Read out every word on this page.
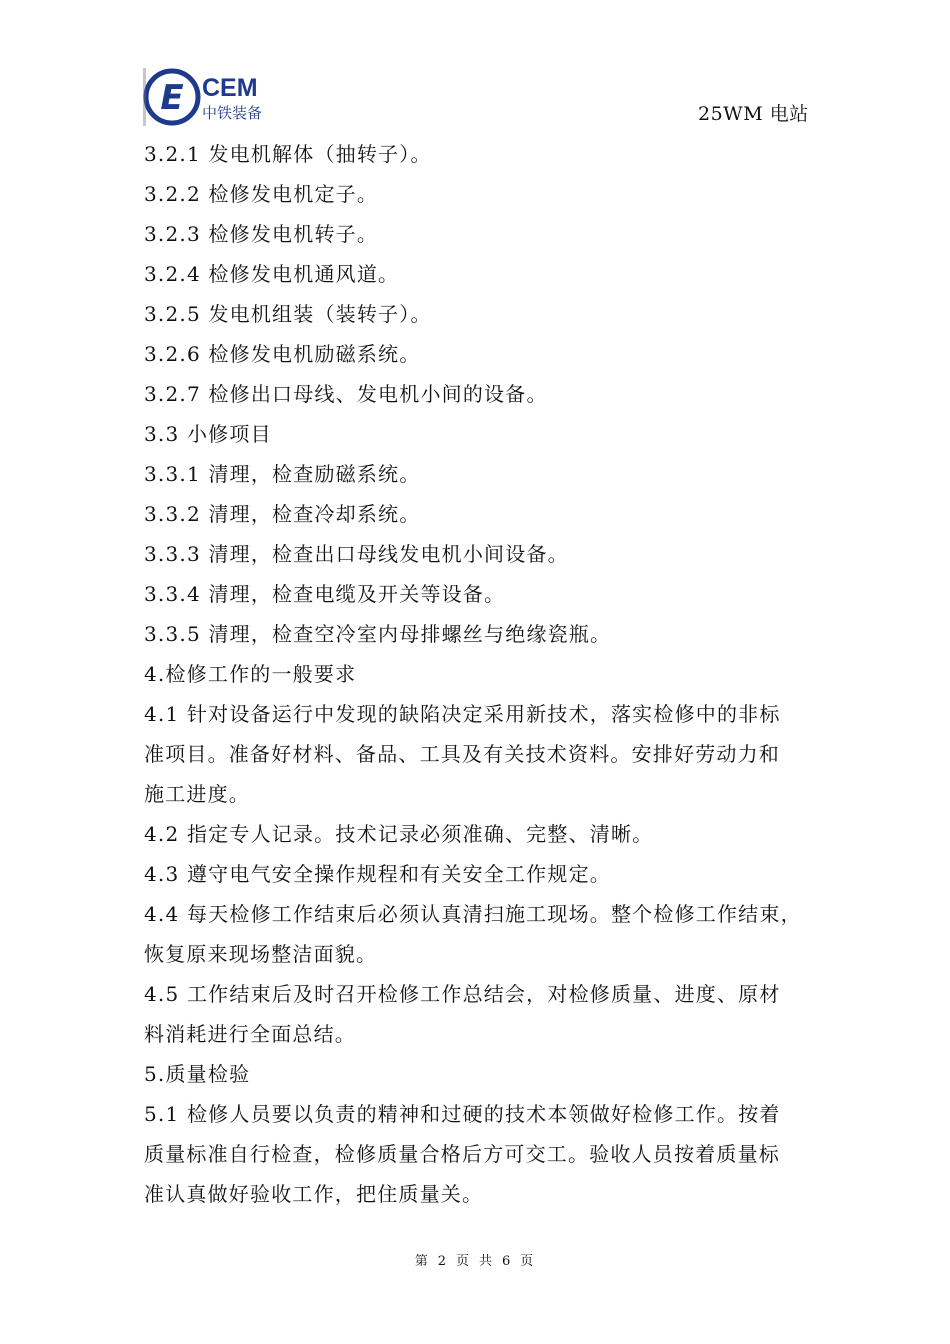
E CEM
中铁装备	25WM 电站
3.2.1 发电机解体（抽转子）。
3.2.2 检修发电机定子。
3.2.3 检修发电机转子。
3.2.4 检修发电机通风道。
3.2.5 发电机组装（装转子）。
3.2.6 检修发电机励磁系统。
3.2.7 检修出口母线、发电机小间的设备。
3.3 小修项目
3.3.1 清理，检查励磁系统。
3.3.2 清理，检查冷却系统。
3.3.3 清理，检查出口母线发电机小间设备。
3.3.4 清理，检查电缆及开关等设备。
3.3.5 清理，检查空冷室内母排螺丝与绝缘瓷瓶。
4.检修工作的一般要求
4.1 针对设备运行中发现的缺陷决定采用新技术，落实检修中的非标
准项目。准备好材料、备品、工具及有关技术资料。安排好劳动力和
施工进度。
4.2 指定专人记录。技术记录必须准确、完整、清晰。
4.3 遵守电气安全操作规程和有关安全工作规定。
4.4 每天检修工作结束后必须认真清扫施工现场。整个检修工作结束，
恢复原来现场整洁面貌。
4.5 工作结束后及时召开检修工作总结会，对检修质量、进度、原材
料消耗进行全面总结。
5.质量检验
5.1 检修人员要以负责的精神和过硬的技术本领做好检修工作。按着
质量标准自行检查，检修质量合格后方可交工。验收人员按着质量标
准认真做好验收工作，把住质量关。
第 2 页 共 6 页
